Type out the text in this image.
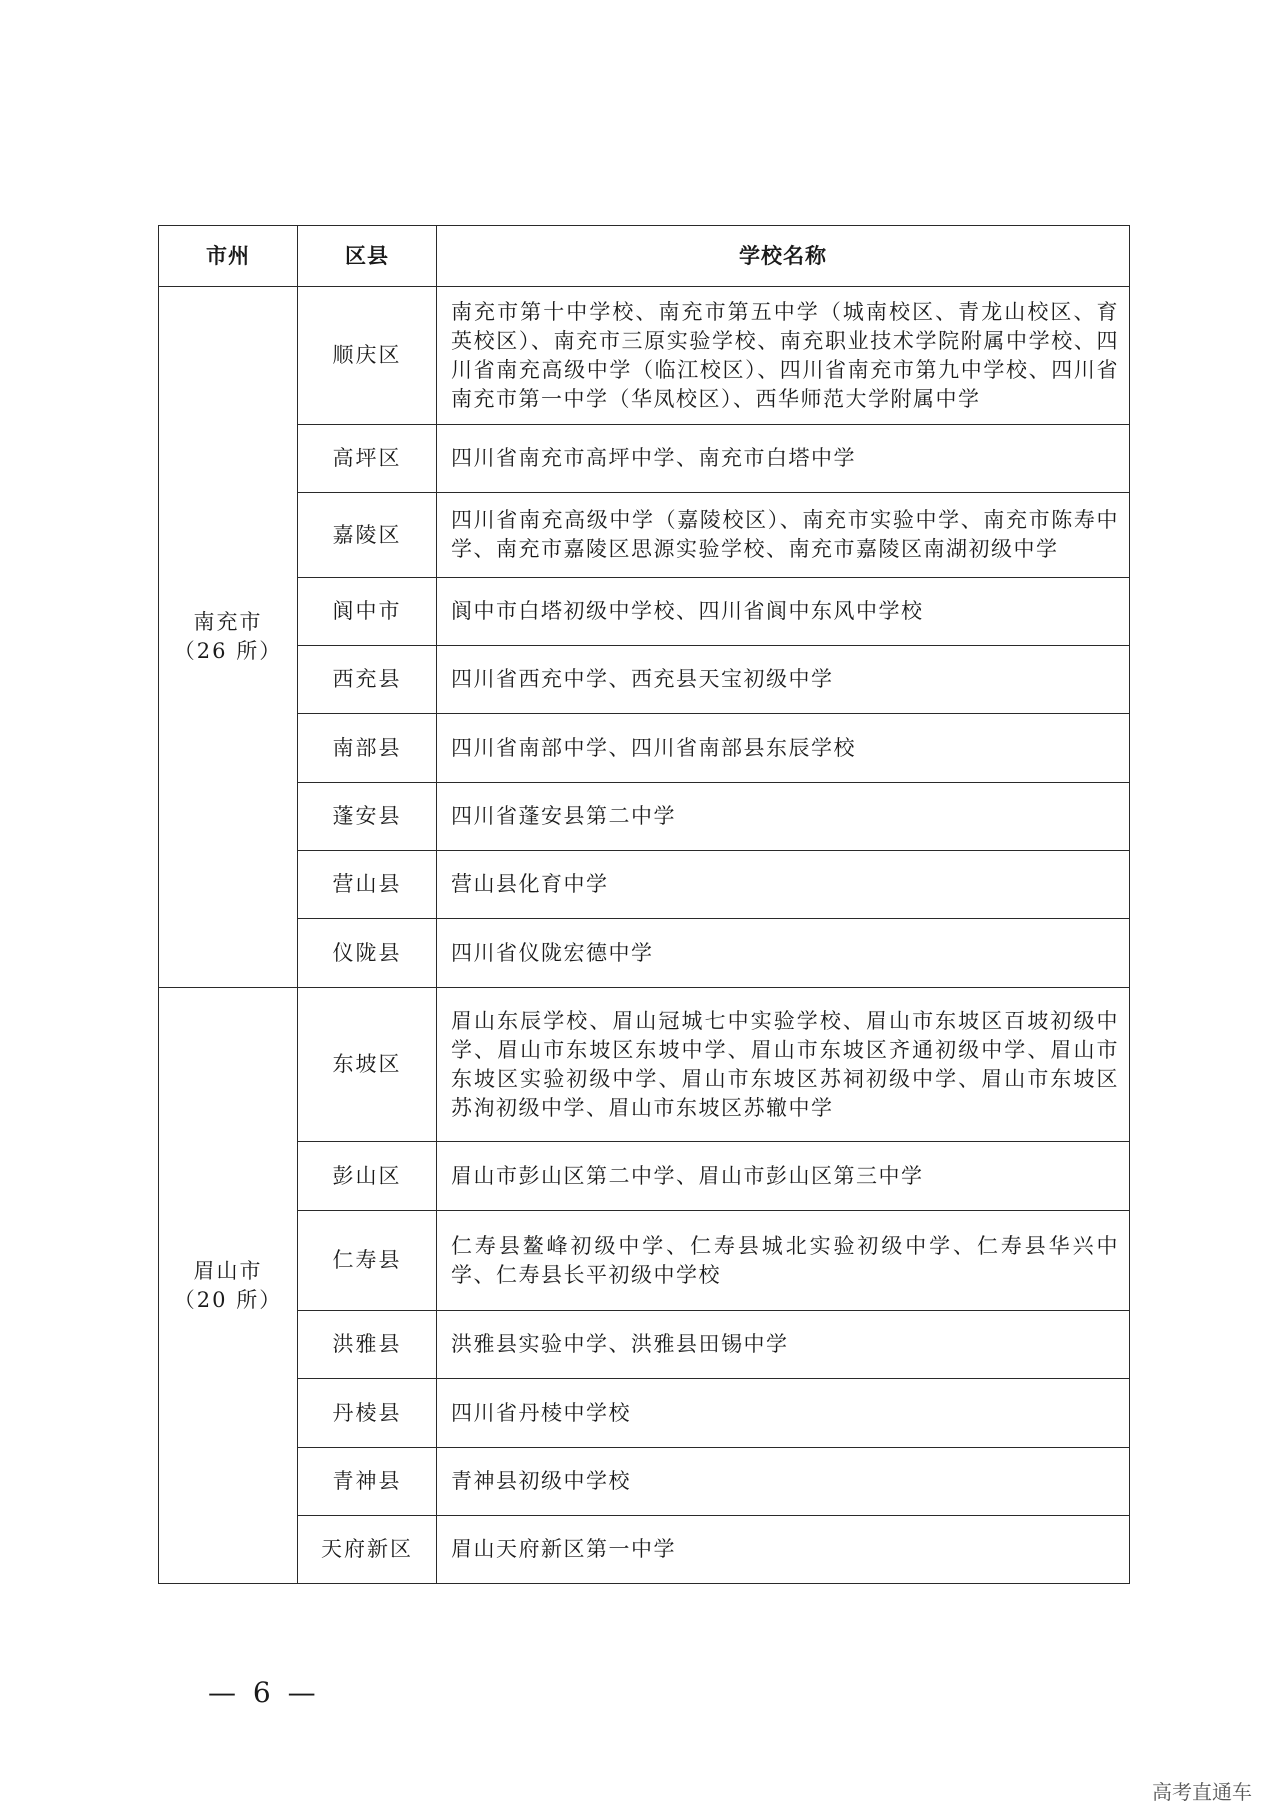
市州	区县	学校名称

南充市
（26 所）	顺庆区	南充市第十中学校、南充市第五中学（城南校区、青龙山校区、育英校区）、南充市三原实验学校、南充职业技术学院附属中学校、四川省南充高级中学（临江校区）、四川省南充市第九中学校、四川省南充市第一中学（华凤校区）、西华师范大学附属中学
	高坪区	四川省南充市高坪中学、南充市白塔中学
	嘉陵区	四川省南充高级中学（嘉陵校区）、南充市实验中学、南充市陈寿中学、南充市嘉陵区思源实验学校、南充市嘉陵区南湖初级中学
	阆中市	阆中市白塔初级中学校、四川省阆中东风中学校
	西充县	四川省西充中学、西充县天宝初级中学
	南部县	四川省南部中学、四川省南部县东辰学校
	蓬安县	四川省蓬安县第二中学
	营山县	营山县化育中学
	仪陇县	四川省仪陇宏德中学

眉山市
（20 所）	东坡区	眉山东辰学校、眉山冠城七中实验学校、眉山市东坡区百坡初级中学、眉山市东坡区东坡中学、眉山市东坡区齐通初级中学、眉山市东坡区实验初级中学、眉山市东坡区苏祠初级中学、眉山市东坡区苏洵初级中学、眉山市东坡区苏辙中学
	彭山区	眉山市彭山区第二中学、眉山市彭山区第三中学
	仁寿县	仁寿县鳌峰初级中学、仁寿县城北实验初级中学、仁寿县华兴中学、仁寿县长平初级中学校
	洪雅县	洪雅县实验中学、洪雅县田锡中学
	丹棱县	四川省丹棱中学校
	青神县	青神县初级中学校
	天府新区	眉山天府新区第一中学
— 6 —
高考直通车
